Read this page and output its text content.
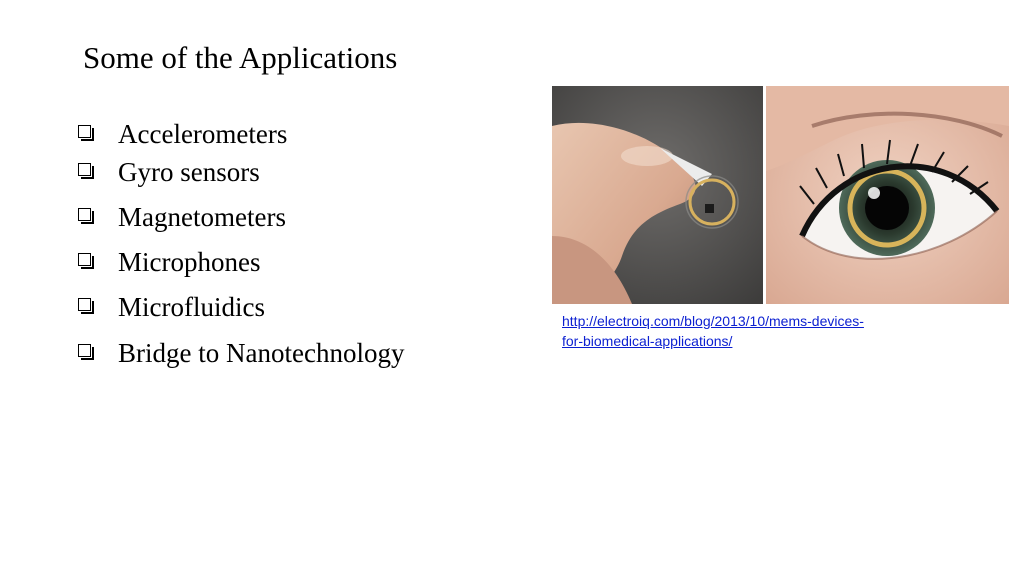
Some of the Applications
Accelerometers
Gyro sensors
Magnetometers
Microphones
Microfluidics
Bridge to Nanotechnology
http://electroiq.com/blog/2013/10/mems-devices-
for-biomedical-applications/
